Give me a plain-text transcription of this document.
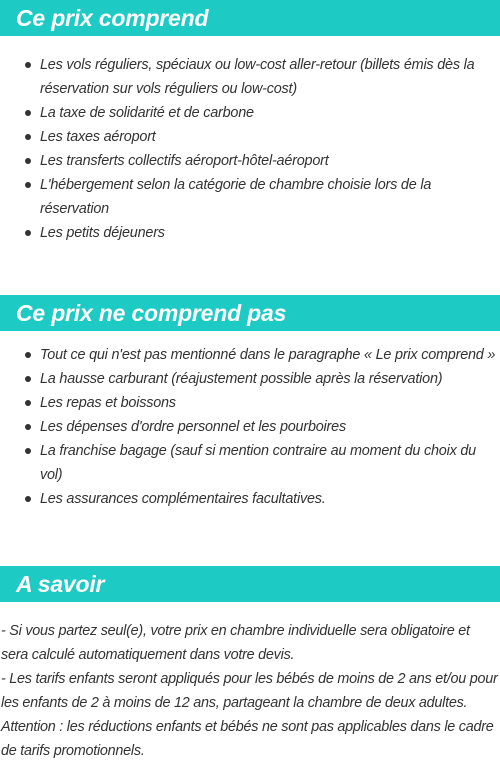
Ce prix comprend
Les vols réguliers, spéciaux ou low-cost aller-retour (billets émis dès la réservation sur vols réguliers ou low-cost)
La taxe de solidarité et de carbone
Les taxes aéroport
Les transferts collectifs aéroport-hôtel-aéroport
L'hébergement selon la catégorie de chambre choisie lors de la réservation
Les petits déjeuners
Ce prix ne comprend pas
Tout ce qui n'est pas mentionné dans le paragraphe « Le prix comprend »
La hausse carburant (réajustement possible après la réservation)
Les repas et boissons
Les dépenses d'ordre personnel et les pourboires
La franchise bagage (sauf si mention contraire au moment du choix du vol)
Les assurances complémentaires facultatives.
A savoir
- Si vous partez seul(e), votre prix en chambre individuelle sera obligatoire et sera calculé automatiquement dans votre devis.
- Les tarifs enfants seront appliqués pour les bébés de moins de 2 ans et/ou pour les enfants de 2 à moins de 12 ans, partageant la chambre de deux adultes.
Attention : les réductions enfants et bébés ne sont pas applicables dans le cadre de tarifs promotionnels.
